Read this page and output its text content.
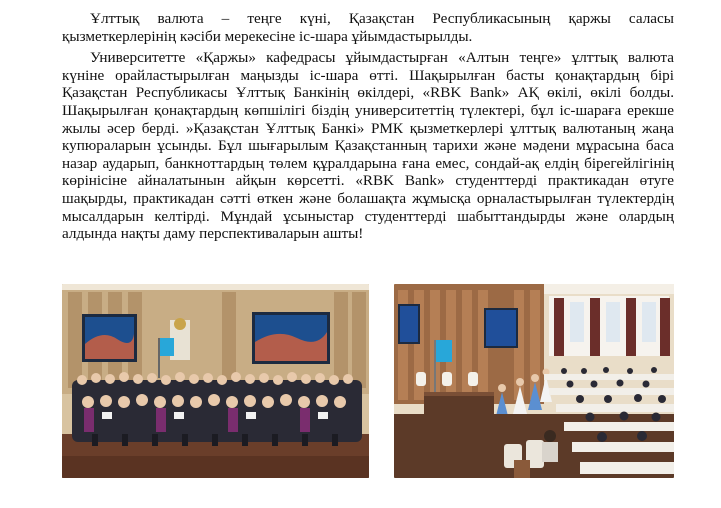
Ұлттық валюта – теңге күні, Қазақстан Республикасының қаржы саласы қызметкерлерінің кәсіби мерекесіне іс-шара ұйымдастырылды.

Университетте «Қаржы» кафедрасы ұйымдастырған «Алтын теңге» ұлттық валюта күніне орайластырылған маңызды іс-шара өтті. Шақырылған басты қонақтардың бірі Қазақстан Республикасы Ұлттық Банкінің өкілдері, «RBK Bank» АҚ өкілі, өкілі болды. Шақырылған қонақтардың көпшілігі біздің университеттің түлектері, бұл іс-шараға ерекше жылы әсер берді. »Қазақстан Ұлттық Банкі» РМК қызметкерлері ұлттық валютаның жаңа купюраларын ұсынды. Бұл шығарылым Қазақстанның тарихи және мәдени мұрасына баса назар аударып, банкноттардың төлем құралдарына ғана емес, сондай-ақ елдің бірегейлігінің көрінісіне айналатынын айқын көрсетті. «RBK Bank» студенттерді практикадан өтуге шақырды, практикадан сәтті өткен және болашақта жұмысқа орналастырылған түлектердің мысалдарын келтірді. Мұндай ұсыныстар студенттерді шабыттандырды және олардың алдында нақты даму перспективаларын ашты!
